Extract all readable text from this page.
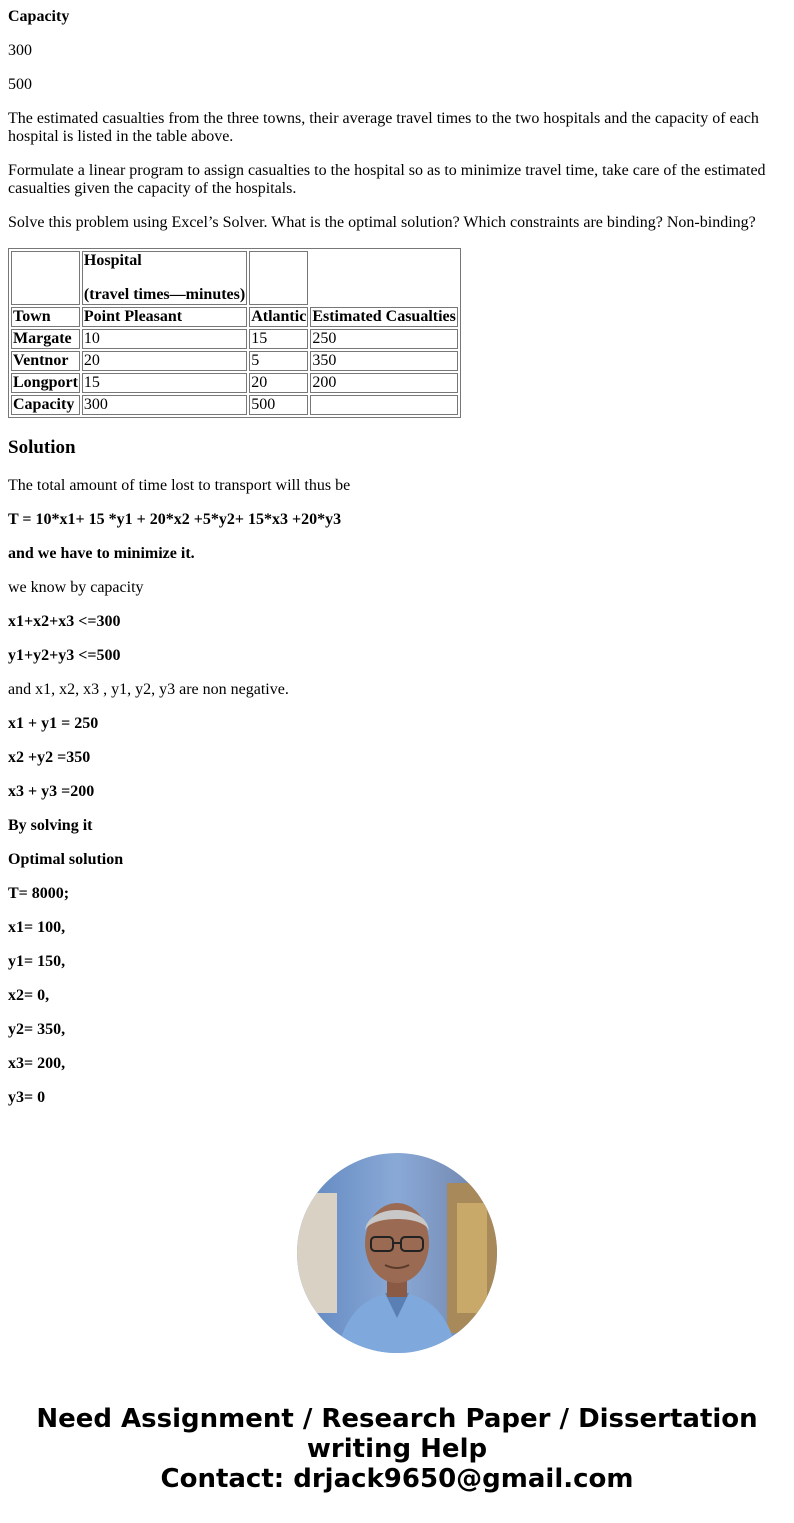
Capacity

300

500

The estimated casualties from the three towns, their average travel times to the two hospitals and the capacity of each hospital is listed in the table above.

Formulate a linear program to assign casualties to the hospital so as to minimize travel time, take care of the estimated casualties given the capacity of the hospitals.

Solve this problem using Excel’s Solver. What is the optimal solution? Which constraints are binding? Non-binding?

	Hospital
(travel times—minutes)		

Town	Point Pleasant	Atlantic	Estimated Casualties
Margate	10	15	250
Ventnor	20	5	350
Longport	15	20	200
Capacity	300	500	
Solution

The total amount of time lost to transport will thus be

T = 10*x1+ 15 *y1 + 20*x2 +5*y2+ 15*x3 +20*y3

and we have to minimize it.

we know by capacity

x1+x2+x3 <=300

y1+y2+y3 <=500

and x1, x2, x3 , y1, y2, y3 are non negative.

x1 + y1 = 250

x2 +y2 =350

x3 + y3 =200

By solving it

Optimal solution

T= 8000;

x1= 100,

y1= 150,

x2= 0,

y2= 350,

x3= 200,

y3= 0

Need Assignment / Research Paper / Dissertation writing Help
Contact: drjack9650@gmail.com
